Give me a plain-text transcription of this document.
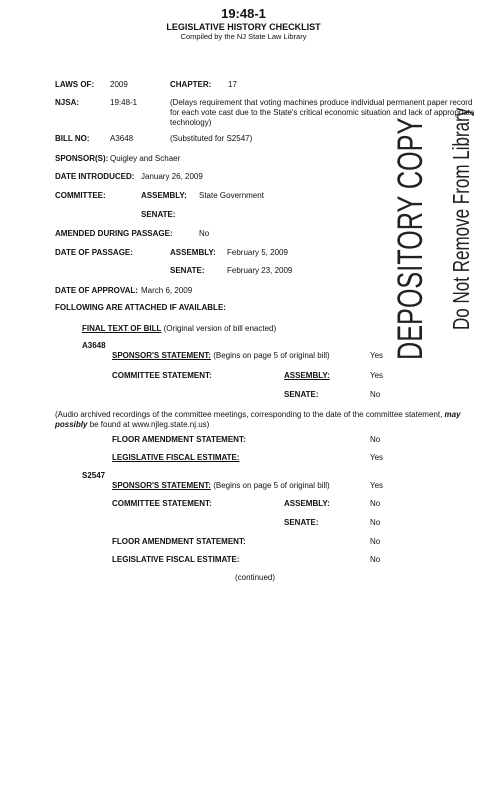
19:48-1
LEGISLATIVE HISTORY CHECKLIST
Compiled by the NJ State Law Library
LAWS OF: 2009	CHAPTER: 17
NJSA:	19:48-1	(Delays requirement that voting machines produce individual permanent paper record for each vote cast due to the State's critical economic situation and lack of appropriate technology)
BILL NO:	A3648	(Substituted for S2547)
SPONSOR(S): Quigley and Schaer
DATE INTRODUCED: January 26, 2009
COMMITTEE:	ASSEMBLY: State Government
SENATE:
AMENDED DURING PASSAGE:	No
DATE OF PASSAGE:	ASSEMBLY: February 5, 2009
SENATE:	February 23, 2009
DATE OF APPROVAL: March 6, 2009
FOLLOWING ARE ATTACHED IF AVAILABLE:
FINAL TEXT OF BILL (Original version of bill enacted)
A3648
SPONSOR'S STATEMENT: (Begins on page 5 of original bill)	Yes
COMMITTEE STATEMENT:	ASSEMBLY:	Yes
SENATE:	No
(Audio archived recordings of the committee meetings, corresponding to the date of the committee statement, may possibly be found at www.njleg.state.nj.us)
FLOOR AMENDMENT STATEMENT:	No
LEGISLATIVE FISCAL ESTIMATE:	Yes
S2547
SPONSOR'S STATEMENT: (Begins on page 5 of original bill)	Yes
COMMITTEE STATEMENT:	ASSEMBLY:	No
SENATE:	No
FLOOR AMENDMENT STATEMENT:	No
LEGISLATIVE FISCAL ESTIMATE:	No
(continued)
DEPOSITORY COPY Do Not Remove From Library
